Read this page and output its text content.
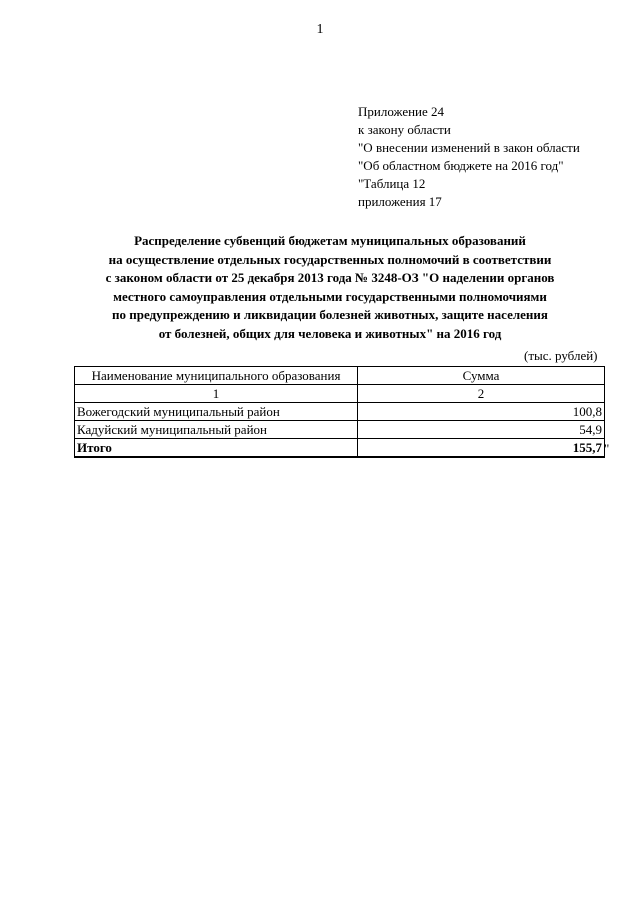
1
Приложение 24
к закону области
"О внесении изменений в закон области
"Об областном бюджете на 2016 год"
"Таблица 12
приложения 17
Распределение субвенций бюджетам муниципальных образований
на осуществление отдельных государственных полномочий в соответствии
с законом области от 25 декабря 2013 года № 3248-ОЗ "О наделении органов
местного самоуправления отдельными государственными полномочиями
по предупреждению и ликвидации болезней животных, защите населения
от болезней, общих для человека и животных" на 2016 год
(тыс. рублей)
Наименование муниципального образования	Сумма
1	2
Вожегодский муниципальный район	100,8
Кадуйский муниципальный район	54,9
Итого	155,7 "
